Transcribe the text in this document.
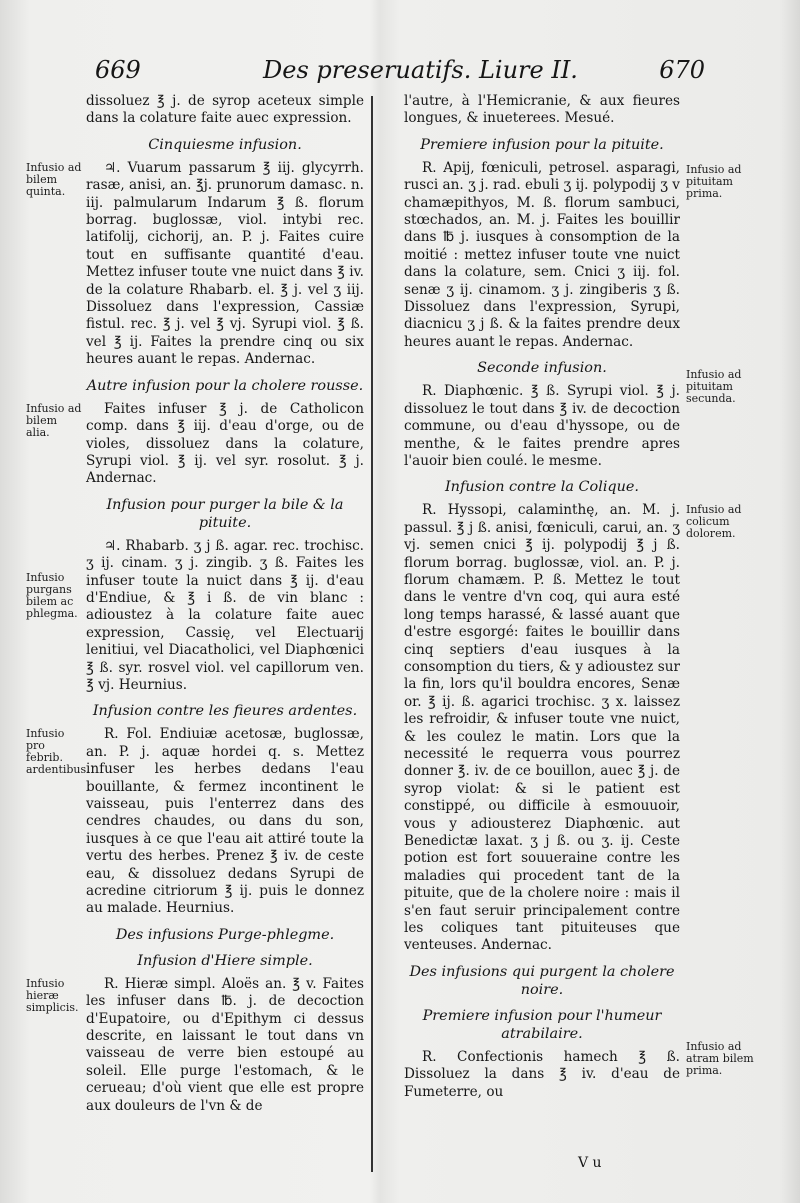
669	Des preseruatifs. Liure II.	670

dissoluez ℥ j. de syrop aceteux simple dans la colature faite auec expression.

Cinquiesme infusion.
Infusio ad bilem quinta.

♃. Vuarum passarum ℥ iij. glycyrrh. rasæ, anisi, an. ℥j. prunorum damasc. n. iij. palmularum Indarum ℥ ß. florum borrag. buglossæ, viol. intybi rec. latifolij, cichorij, an. P. j. Faites cuire tout en suffisante quantité d'eau. Mettez infuser toute vne nuict dans ℥ iv. de la colature Rhabarb. el. ℥ j. vel ʒ iij. Dissoluez dans l'expression, Cassiæ fistul. rec. ℥ j. vel ℥ vj. Syrupi viol. ℥ ß. vel ℥ ij. Faites la prendre cinq ou six heures auant le repas. Andernac.

Autre infusion pour la cholere rousse.
Infusio ad bilem alia.

Faites infuser ℥ j. de Catholicon comp. dans ℥ iij. d'eau d'orge, ou de violes, dissoluez dans la colature, Syrupi viol. ℥ ij. vel syr. rosolut. ℥ j. Andernac.

Infusion pour purger la bile & la pituite.
Infusio purgans bilem ac phlegma.

♃. Rhabarb. ʒ j ß. agar. rec. trochisc. ʒ ij. cinam. ʒ j. zingib. ʒ ß. Faites les infuser toute la nuict dans ℥ ij. d'eau d'Endiue, & ℥ i ß. de vin blanc : adioustez à la colature faite auec expression, Cassię, vel Electuarij lenitiui, vel Diacatholici, vel Diaphœnici ℥ ß. syr. rosvel viol. vel capillorum ven. ℥ vj. Heurnius.

Infusion contre les fieures ardentes.
Infusio pro febrib. ardentibus.

R. Fol. Endiuiæ acetosæ, buglossæ, an. P. j. aquæ hordei q. s. Mettez infuser les herbes dedans l'eau bouillante, & fermez incontinent le vaisseau, puis l'enterrez dans des cendres chaudes, ou dans du son, iusques à ce que l'eau ait attiré toute la vertu des herbes. Prenez ℥ iv. de ceste eau, & dissoluez dedans Syrupi de acredine citriorum ℥ ij. puis le donnez au malade. Heurnius.

Des infusions Purge-phlegme.
Infusion d'Hiere simple.
Infusio hieræ simplicis.

R. Hieræ simpl. Aloës an. ℥ v. Faites les infuser dans ℔. j. de decoction d'Eupatoire, ou d'Epithym ci dessus descrite, en laissant le tout dans vn vaisseau de verre bien estoupé au soleil. Elle purge l'estomach, & le cerueau; d'où vient que elle est propre aux douleurs de l'vn & de

l'autre, à l'Hemicranie, & aux fieures longues, & inueterees. Mesué.

Premiere infusion pour la pituite.
Infusio ad pituitam prima.

R. Apij, fœniculi, petrosel. asparagi, rusci an. ʒ j. rad. ebuli ʒ ij. polypodij ʒ v chamæpithyos, M. ß. florum sambuci, stœchados, an. M. j. Faites les bouillir dans ℔ j. iusques à consomption de la moitié : mettez infuser toute vne nuict dans la colature, sem. Cnici ʒ iij. fol. senæ ʒ ij. cinamom. ʒ j. zingiberis ʒ ß. Dissoluez dans l'expression, Syrupi, diacnicu ʒ j ß. & la faites prendre deux heures auant le repas. Andernac.

Seconde infusion.	Infusio ad pituitam secunda.

R. Diaphœnic. ℥ ß. Syrupi viol. ℥ j. dissoluez le tout dans ℥ iv. de decoction commune, ou d'eau d'hyssope, ou de menthe, & le faites prendre apres l'auoir bien coulé. le mesme.

Infusion contre la Colique.
Infusio ad colicum dolorem.

R. Hyssopi, calaminthę, an. M. j. passul. ℥ j ß. anisi, fœniculi, carui, an. ʒ vj. semen cnici ℥ ij. polypodij ℥ j ß. florum borrag. buglossæ, viol. an. P. j. florum chamæm. P. ß. Mettez le tout dans le ventre d'vn coq, qui aura esté long temps harassé, & lassé auant que d'estre esgorgé: faites le bouillir dans cinq septiers d'eau iusques à la consomption du tiers, & y adioustez sur la fin, lors qu'il bouldra encores, Senæ or. ℥ ij. ß. agarici trochisc. ʒ x. laissez les refroidir, & infuser toute vne nuict, & les coulez le matin. Lors que la necessité le requerra vous pourrez donner ℥. iv. de ce bouillon, auec ℥ j. de syrop violat: & si le patient est constippé, ou difficile à esmouuoir, vous y adiousterez Diaphœnic. aut Benedictæ laxat. ʒ j ß. ou ʒ. ij. Ceste potion est fort souueraine contre les maladies qui procedent tant de la pituite, que de la cholere noire : mais il s'en faut seruir principalement contre les coliques tant pituiteuses que venteuses. Andernac.

Des infusions qui purgent la cholere noire.
Premiere infusion pour l'humeur atrabilaire.
Infusio ad atram bilem prima.

R. Confectionis hamech ℥ ß. Dissoluez la dans ℥ iv. d'eau de Fumeterre, ou

V u
